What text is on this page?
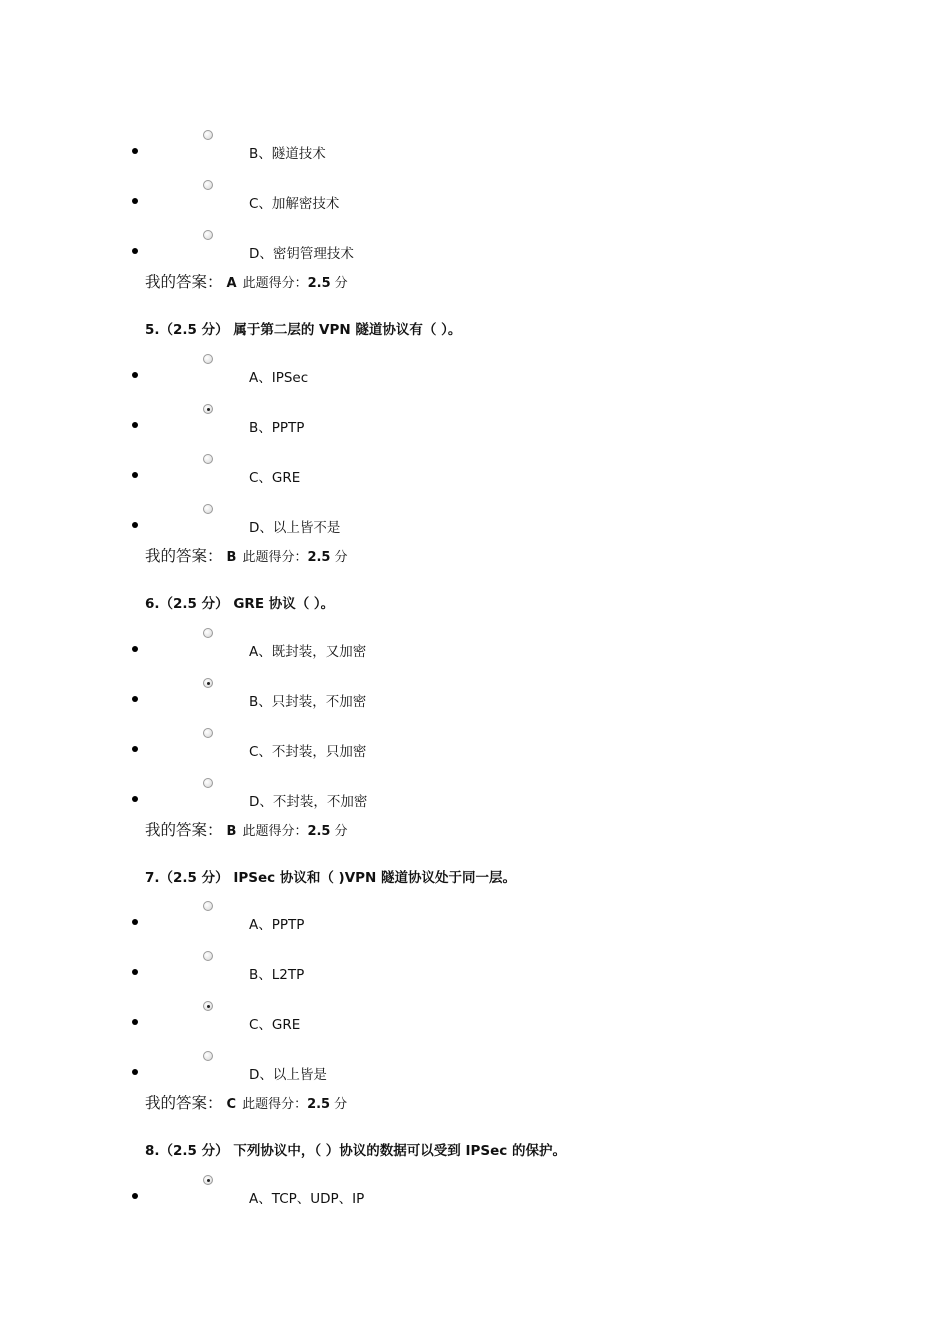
B、隧道技术
C、加解密技术
D、密钥管理技术
我的答案： A 此题得分：2.5 分
5.（2.5 分） 属于第二层的 VPN 隧道协议有（ ）。
A、IPSec
B、PPTP
C、GRE
D、以上皆不是
我的答案： B 此题得分：2.5 分
6.（2.5 分） GRE 协议（ ）。
A、既封装，又加密
B、只封装，不加密
C、不封装，只加密
D、不封装，不加密
我的答案： B 此题得分：2.5 分
7.（2.5 分） IPSec 协议和（ )VPN 隧道协议处于同一层。
A、PPTP
B、L2TP
C、GRE
D、以上皆是
我的答案： C 此题得分：2.5 分
8.（2.5 分） 下列协议中，（ ）协议的数据可以受到 IPSec 的保护。
A、TCP、UDP、IP
